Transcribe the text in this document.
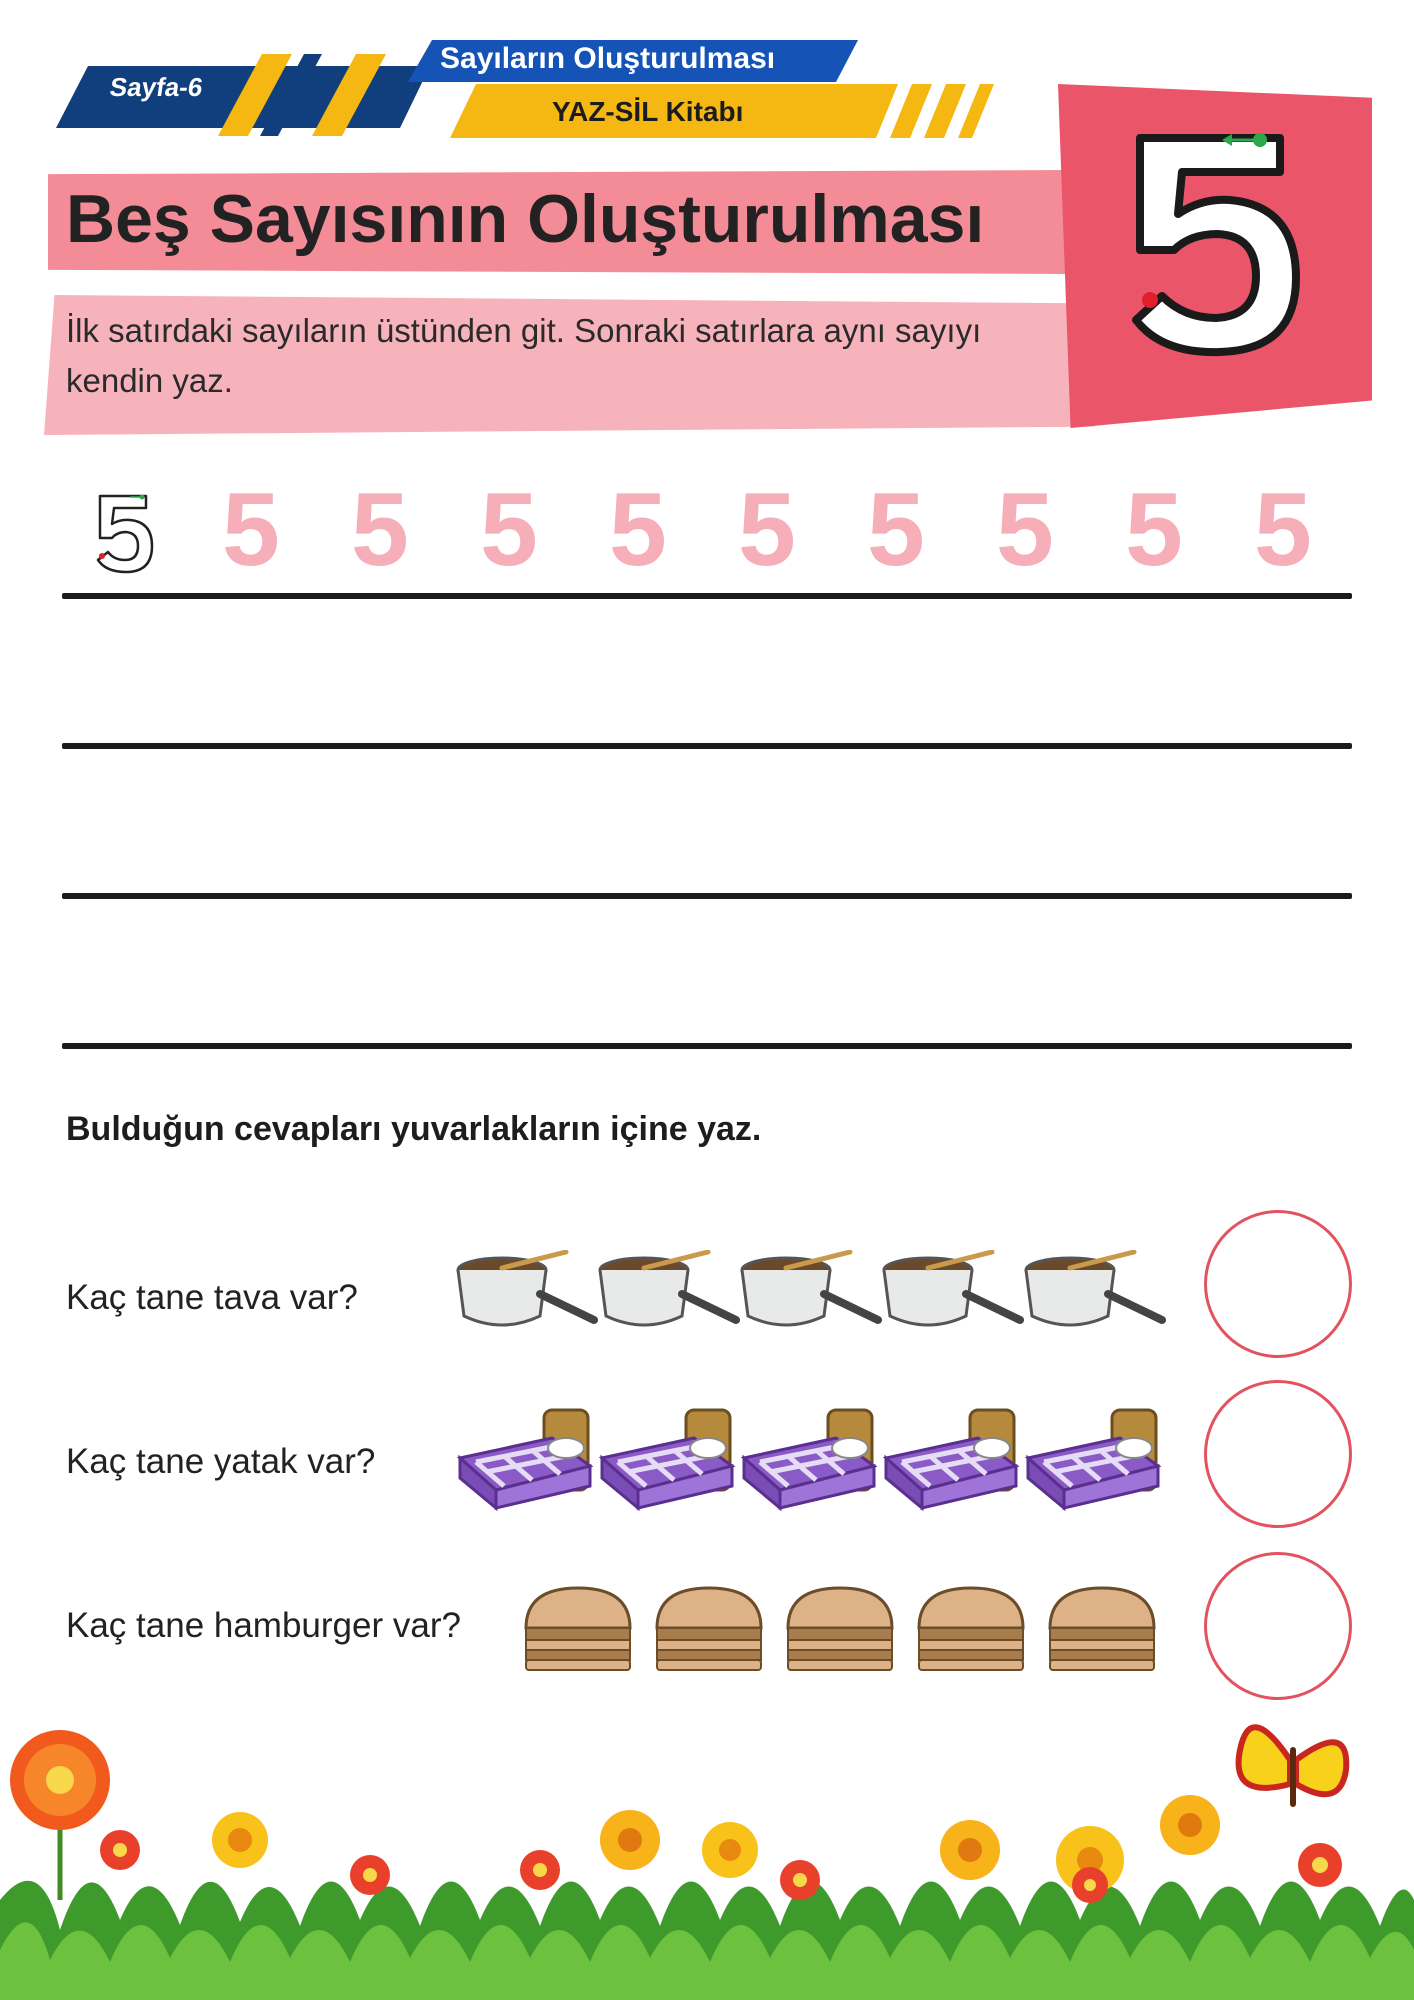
Sayfa-6
Sayıların Oluşturulması
YAZ-SİL Kitabı
Beş Sayısının Oluşturulması
İlk satırdaki sayıların üstünden git. Sonraki satırlara aynı sayıyı kendin yaz.
5 5 5 5 5 5 5 5 5
Bulduğun cevapları yuvarlakların içine yaz.
Kaç tane tava var?
Kaç tane yatak var?
Kaç tane hamburger var?
